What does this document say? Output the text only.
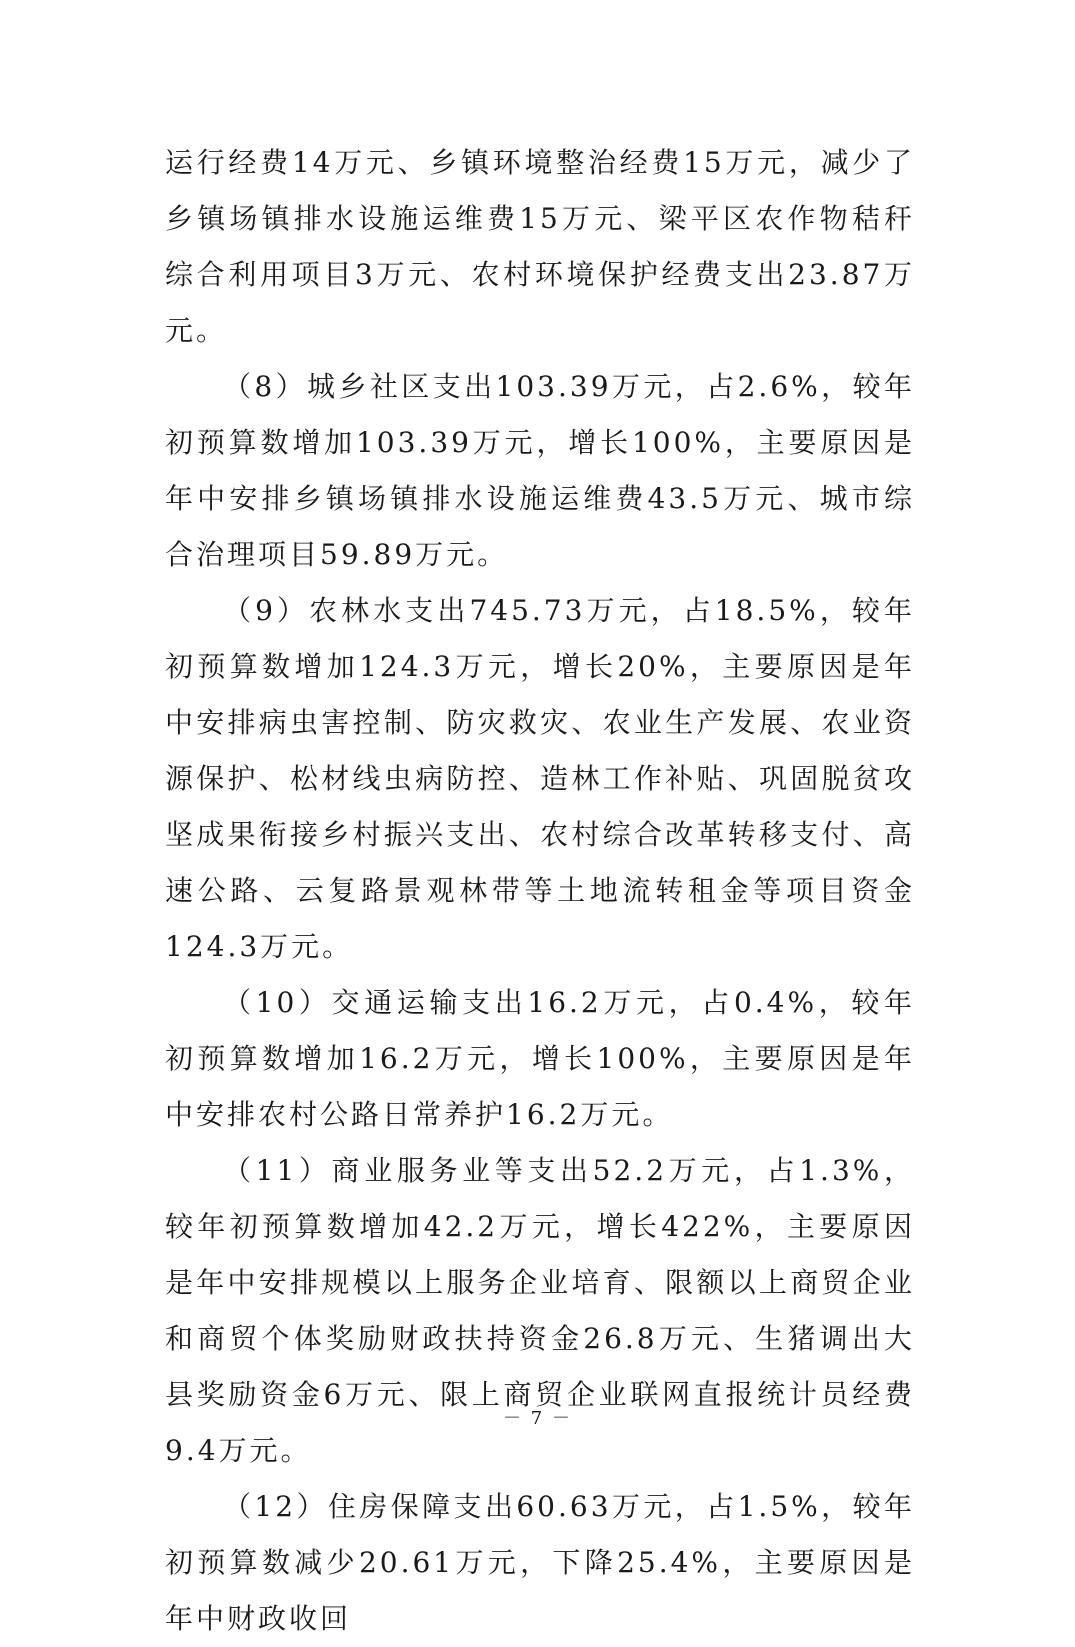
运行经费14万元、乡镇环境整治经费15万元，减少了乡镇场镇排水设施运维费15万元、梁平区农作物秸秆综合利用项目3万元、农村环境保护经费支出23.87万元。

（8）城乡社区支出103.39万元，占2.6%，较年初预算数增加103.39万元，增长100%，主要原因是年中安排乡镇场镇排水设施运维费43.5万元、城市综合治理项目59.89万元。

（9）农林水支出745.73万元，占18.5%，较年初预算数增加124.3万元，增长20%，主要原因是年中安排病虫害控制、防灾救灾、农业生产发展、农业资源保护、松材线虫病防控、造林工作补贴、巩固脱贫攻坚成果衔接乡村振兴支出、农村综合改革转移支付、高速公路、云复路景观林带等土地流转租金等项目资金124.3万元。

（10）交通运输支出16.2万元，占0.4%，较年初预算数增加16.2万元，增长100%，主要原因是年中安排农村公路日常养护16.2万元。

（11）商业服务业等支出52.2万元，占1.3%，较年初预算数增加42.2万元，增长422%，主要原因是年中安排规模以上服务企业培育、限额以上商贸企业和商贸个体奖励财政扶持资金26.8万元、生猪调出大县奖励资金6万元、限上商贸企业联网直报统计员经费9.4万元。

（12）住房保障支出60.63万元，占1.5%，较年初预算数减少20.61万元，下降25.4%，主要原因是年中财政收回

－ 7 －
